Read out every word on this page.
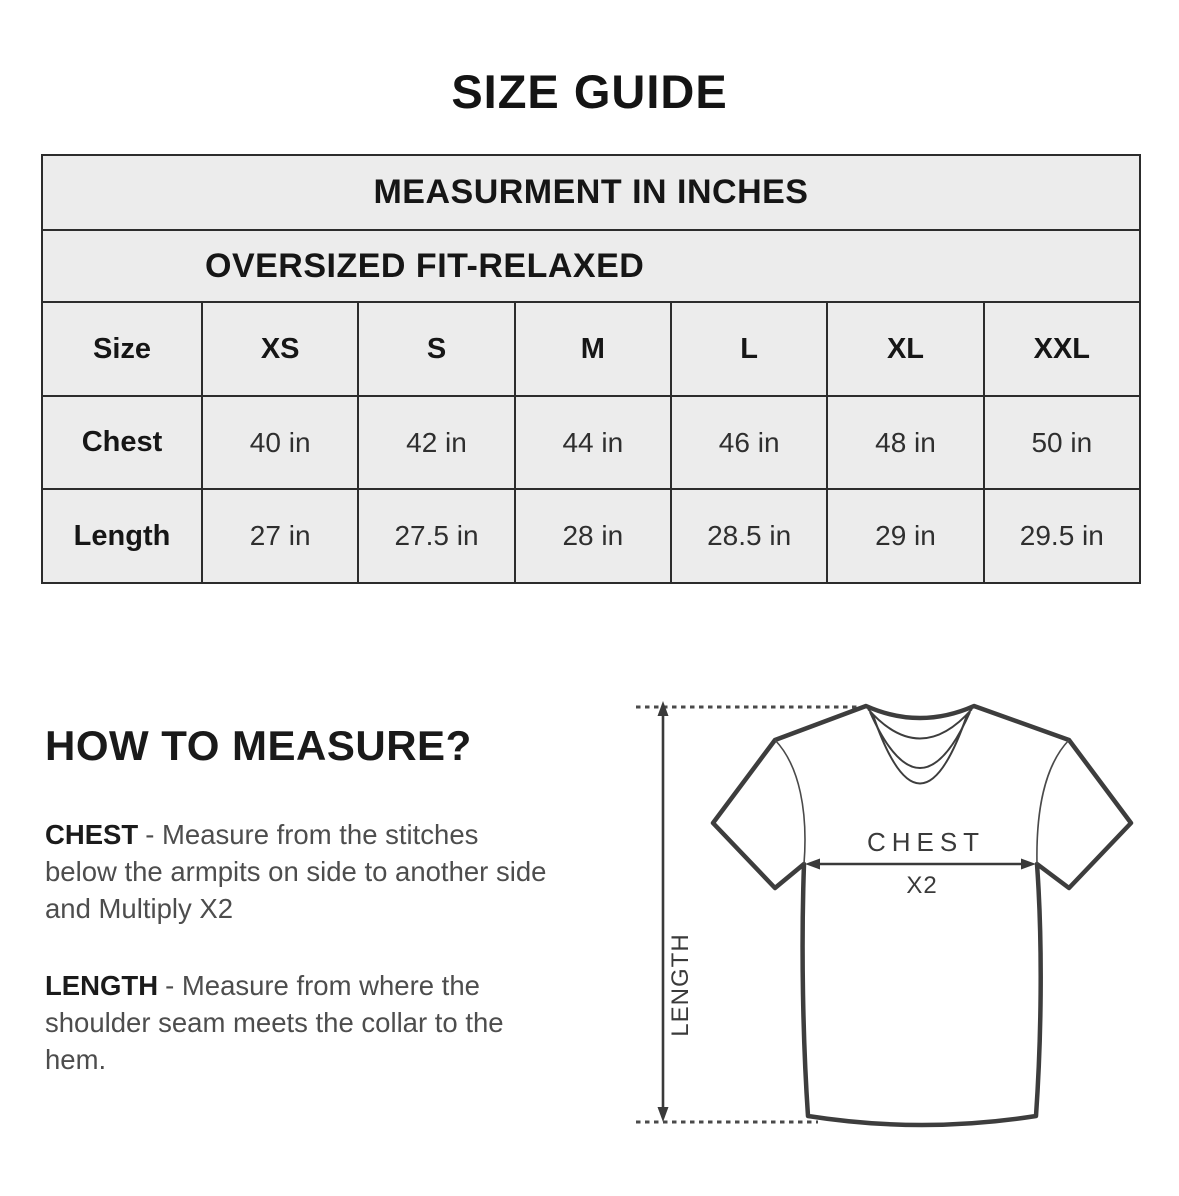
SIZE GUIDE
MEASURMENT IN INCHES
OVERSIZED FIT-RELAXED
Size	XS	S	M	L	XL	XXL
Chest	40 in	42 in	44 in	46 in	48 in	50 in
Length	27 in	27.5 in	28 in	28.5 in	29 in	29.5 in
HOW TO MEASURE?

CHEST - Measure from the stitches below the armpits on side to another side and Multiply X2

LENGTH - Measure from where the shoulder seam meets the collar to the hem.

LENGTH
CHEST
X2
